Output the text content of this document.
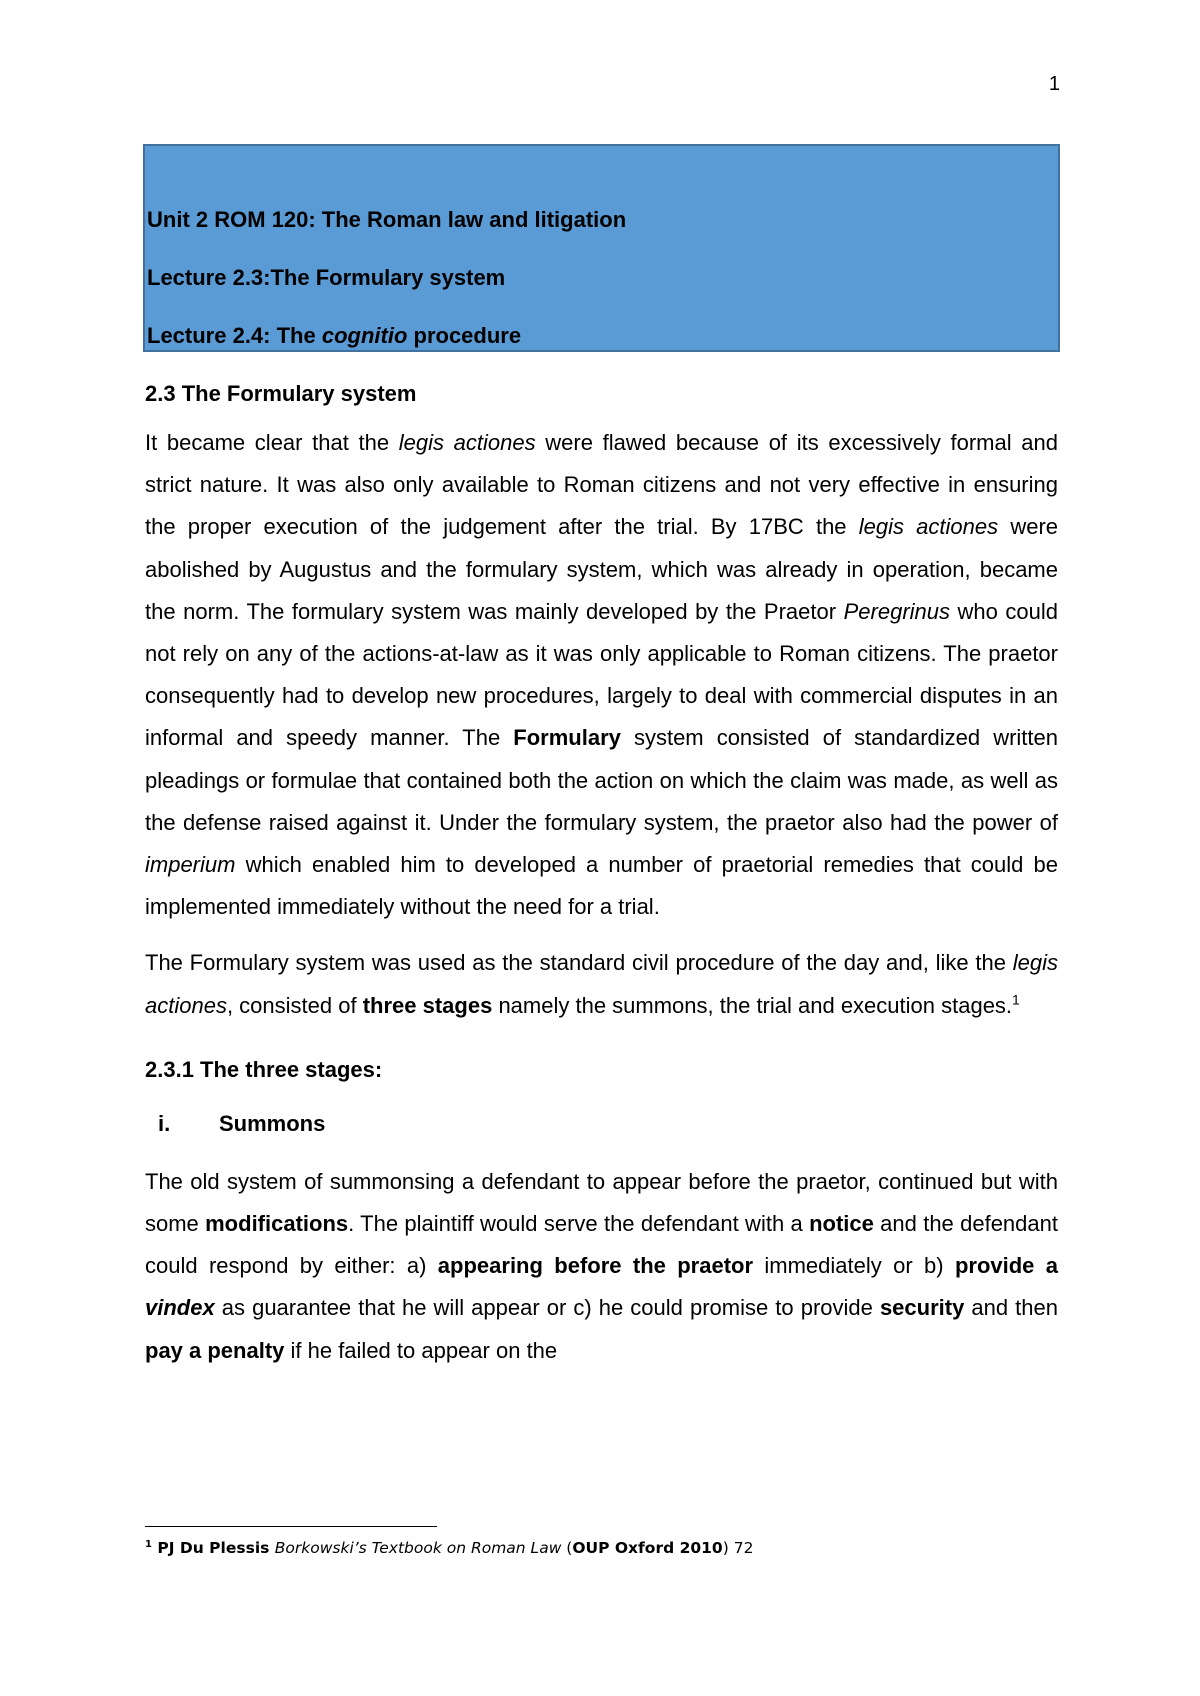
1
Unit 2 ROM 120: The Roman law and litigation
Lecture 2.3:The Formulary system
Lecture 2.4: The cognitio procedure
2.3 The Formulary system

It became clear that the legis actiones were flawed because of its excessively formal and strict nature. It was also only available to Roman citizens and not very effective in ensuring the proper execution of the judgement after the trial. By 17BC the legis actiones were abolished by Augustus and the formulary system, which was already in operation, became the norm. The formulary system was mainly developed by the Praetor Peregrinus who could not rely on any of the actions-at-law as it was only applicable to Roman citizens. The praetor consequently had to develop new procedures, largely to deal with commercial disputes in an informal and speedy manner. The Formulary system consisted of standardized written pleadings or formulae that contained both the action on which the claim was made, as well as the defense raised against it. Under the formulary system, the praetor also had the power of imperium which enabled him to developed a number of praetorial remedies that could be implemented immediately without the need for a trial.

The Formulary system was used as the standard civil procedure of the day and, like the legis actiones, consisted of three stages namely the summons, the trial and execution stages.$^1$

2.3.1 The three stages:
i.	Summons

The old system of summonsing a defendant to appear before the praetor, continued but with some modifications. The plaintiff would serve the defendant with a notice and the defendant could respond by either: a) appearing before the praetor immediately or b) provide a vindex as guarantee that he will appear or c) he could promise to provide security and then pay a penalty if he failed to appear on the

$^1$ PJ Du Plessis Borkowski’s Textbook on Roman Law (OUP Oxford 2010) 72
